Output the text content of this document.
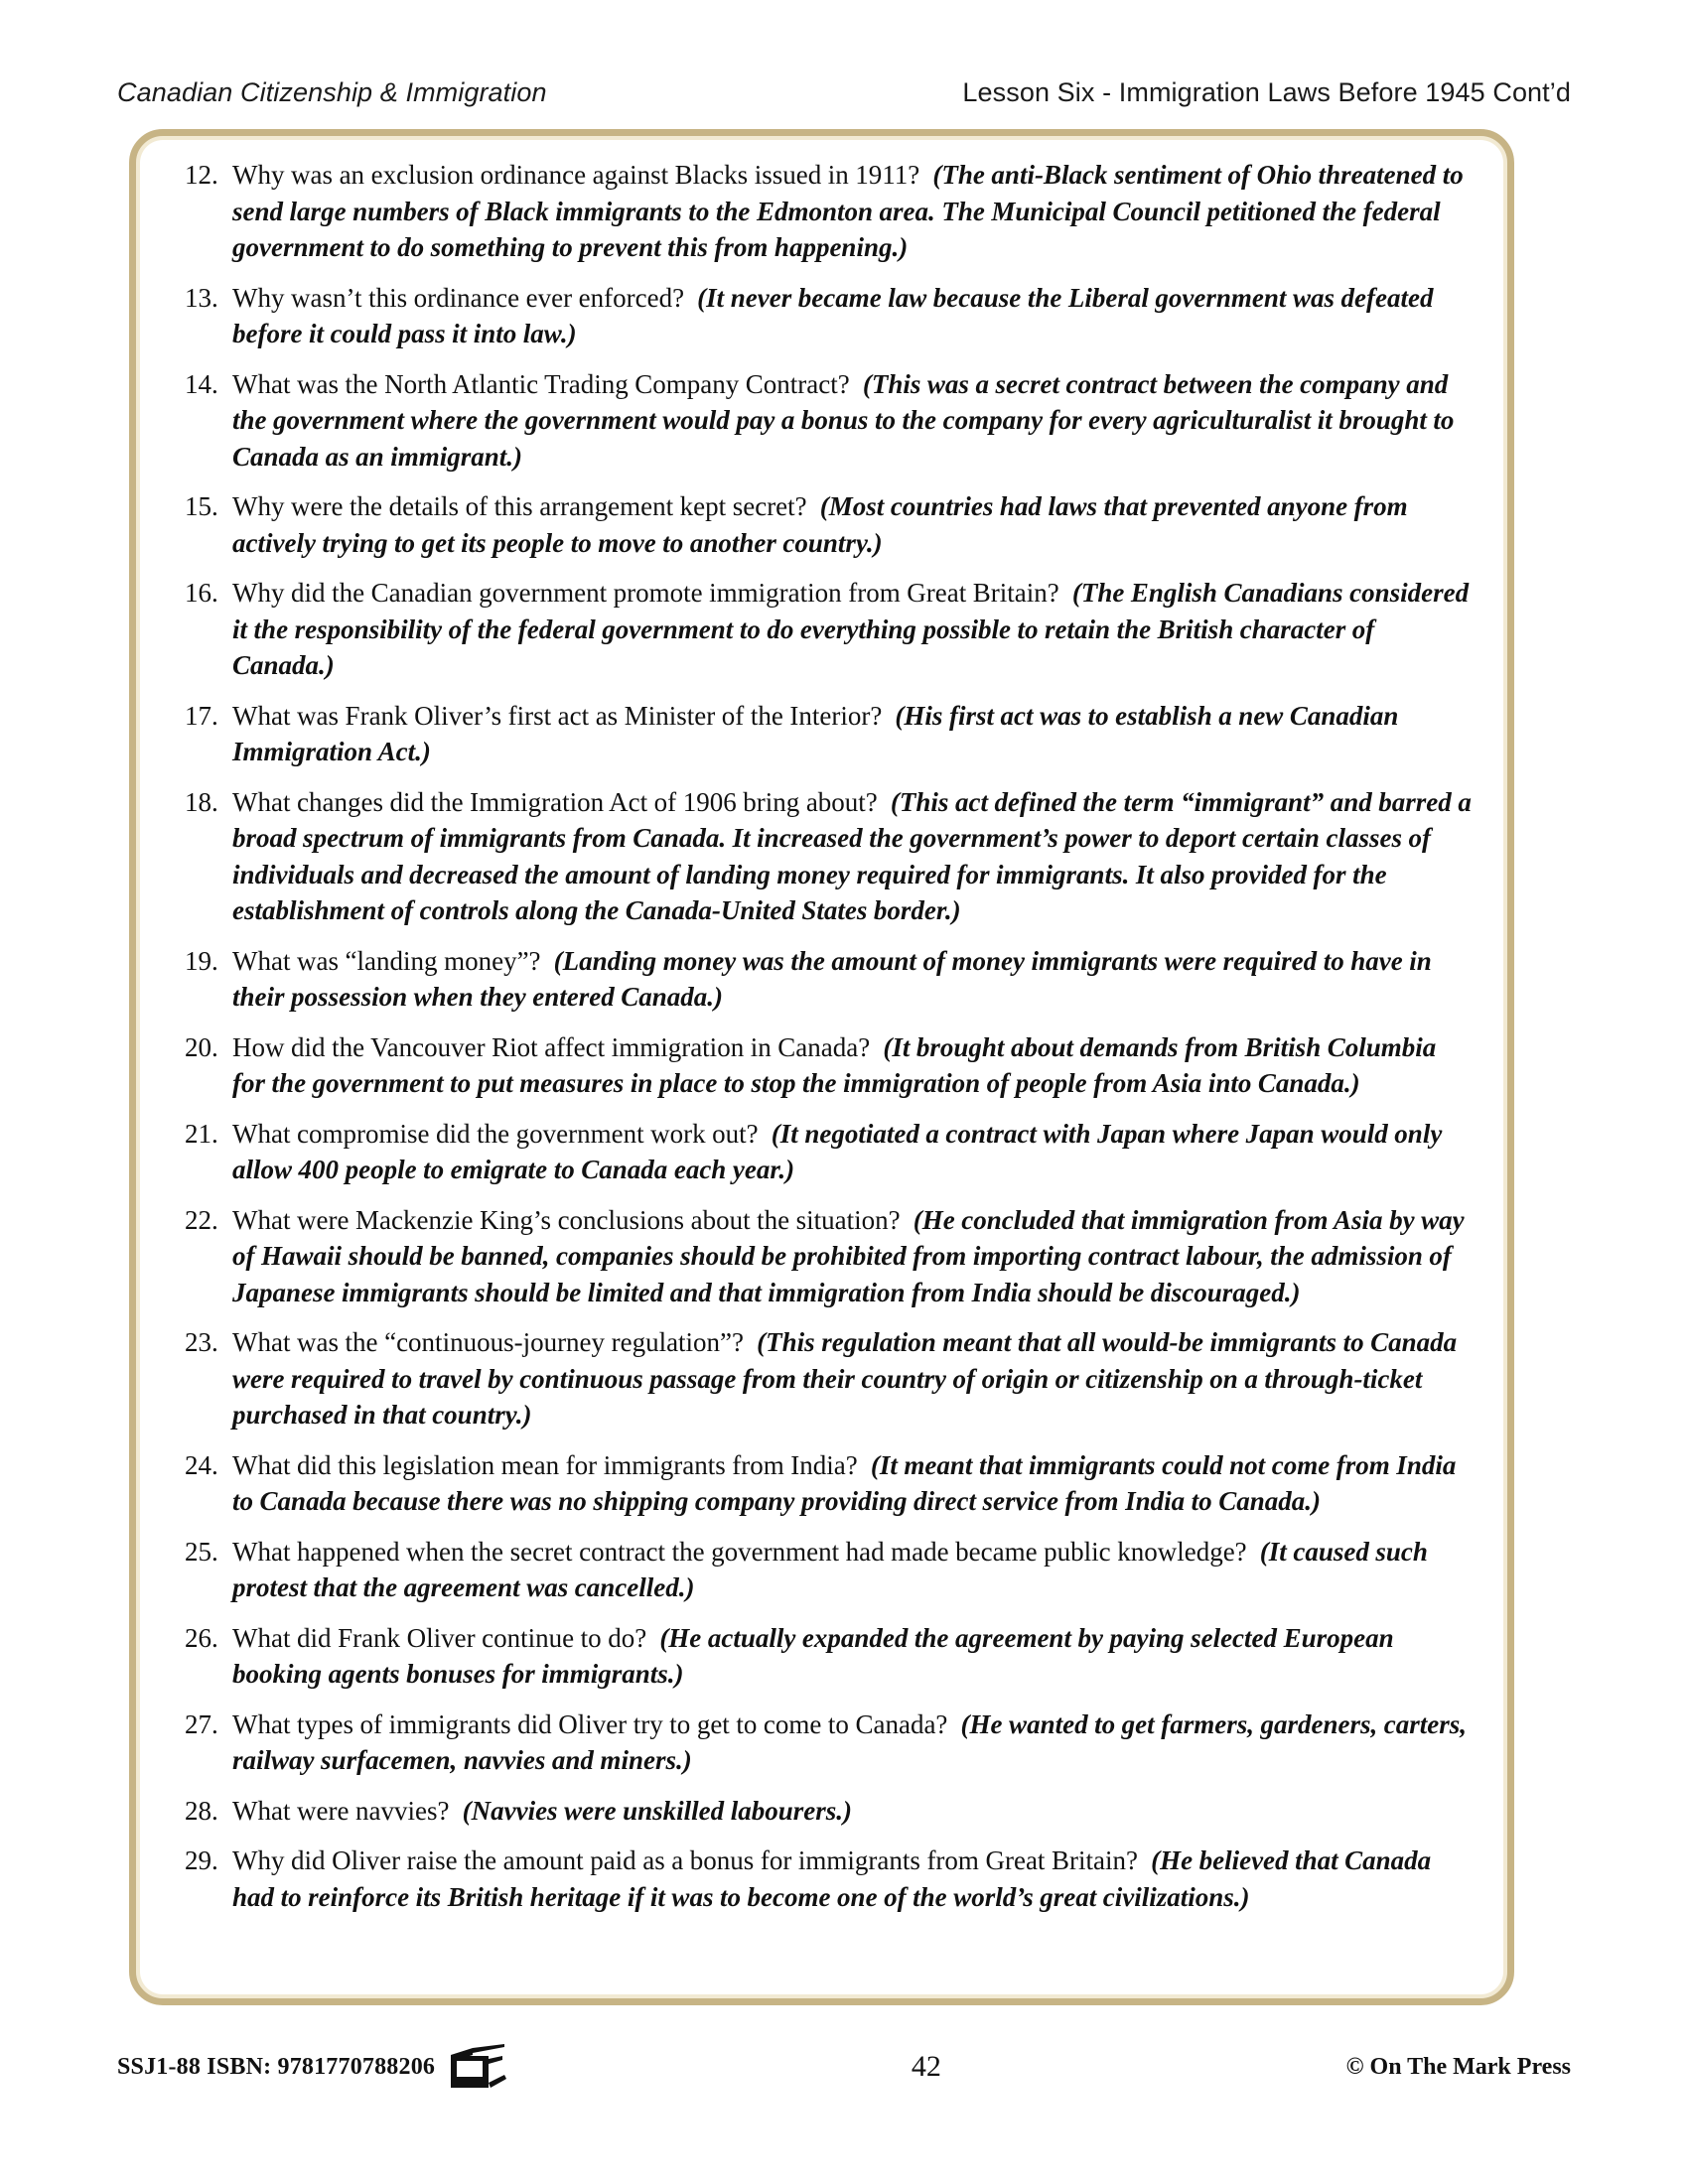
Canadian Citizenship & Immigration	Lesson Six - Immigration Laws Before 1945 Cont’d
12. Why was an exclusion ordinance against Blacks issued in 1911? (The anti-Black sentiment of Ohio threatened to send large numbers of Black immigrants to the Edmonton area. The Municipal Council petitioned the federal government to do something to prevent this from happening.)
13. Why wasn’t this ordinance ever enforced? (It never became law because the Liberal government was defeated before it could pass it into law.)
14. What was the North Atlantic Trading Company Contract? (This was a secret contract between the company and the government where the government would pay a bonus to the company for every agriculturalist it brought to Canada as an immigrant.)
15. Why were the details of this arrangement kept secret? (Most countries had laws that prevented anyone from actively trying to get its people to move to another country.)
16. Why did the Canadian government promote immigration from Great Britain? (The English Canadians considered it the responsibility of the federal government to do everything possible to retain the British character of Canada.)
17. What was Frank Oliver’s first act as Minister of the Interior? (His first act was to establish a new Canadian Immigration Act.)
18. What changes did the Immigration Act of 1906 bring about? (This act defined the term “immigrant” and barred a broad spectrum of immigrants from Canada. It increased the government’s power to deport certain classes of individuals and decreased the amount of landing money required for immigrants. It also provided for the establishment of controls along the Canada-United States border.)
19. What was “landing money”? (Landing money was the amount of money immigrants were required to have in their possession when they entered Canada.)
20. How did the Vancouver Riot affect immigration in Canada? (It brought about demands from British Columbia for the government to put measures in place to stop the immigration of people from Asia into Canada.)
21. What compromise did the government work out? (It negotiated a contract with Japan where Japan would only allow 400 people to emigrate to Canada each year.)
22. What were Mackenzie King’s conclusions about the situation? (He concluded that immigration from Asia by way of Hawaii should be banned, companies should be prohibited from importing contract labour, the admission of Japanese immigrants should be limited and that immigration from India should be discouraged.)
23. What was the “continuous-journey regulation”? (This regulation meant that all would-be immigrants to Canada were required to travel by continuous passage from their country of origin or citizenship on a through-ticket purchased in that country.)
24. What did this legislation mean for immigrants from India? (It meant that immigrants could not come from India to Canada because there was no shipping company providing direct service from India to Canada.)
25. What happened when the secret contract the government had made became public knowledge? (It caused such protest that the agreement was cancelled.)
26. What did Frank Oliver continue to do? (He actually expanded the agreement by paying selected European booking agents bonuses for immigrants.)
27. What types of immigrants did Oliver try to get to come to Canada? (He wanted to get farmers, gardeners, carters, railway surfacemen, navvies and miners.)
28. What were navvies? (Navvies were unskilled labourers.)
29. Why did Oliver raise the amount paid as a bonus for immigrants from Great Britain? (He believed that Canada had to reinforce its British heritage if it was to become one of the world’s great civilizations.)
SSJ1-88 ISBN: 9781770788206	42	© On The Mark Press
